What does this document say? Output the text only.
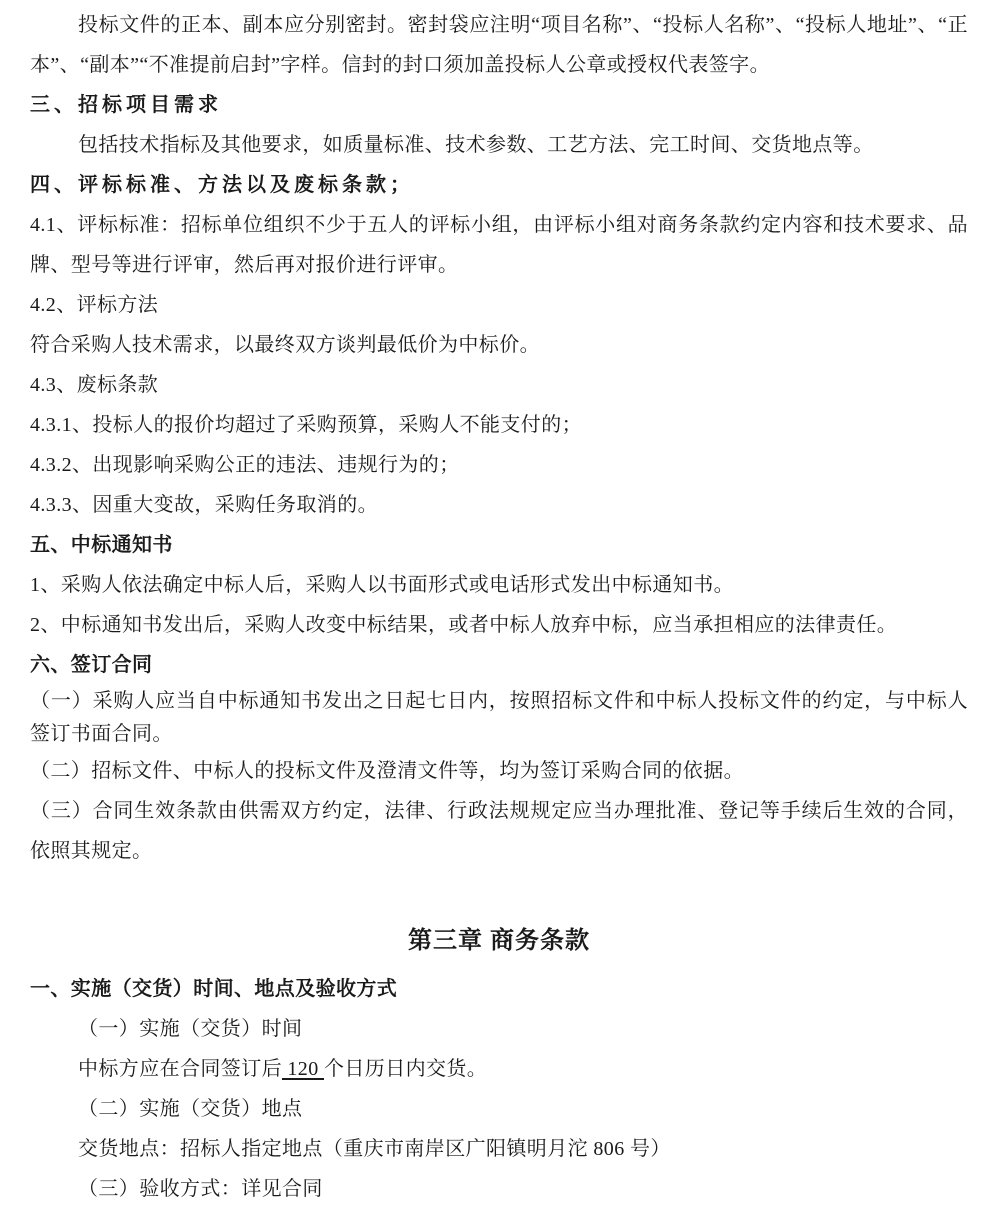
投标文件的正本、副本应分别密封。密封袋应注明“项目名称”、“投标人名称”、“投标人地址”、“正本”、“副本”“不准提前启封”字样。信封的封口须加盖投标人公章或授权代表签字。

三、招标项目需求

包括技术指标及其他要求，如质量标准、技术参数、工艺方法、完工时间、交货地点等。

四、评标标准、方法以及废标条款；

4.1、评标标准：招标单位组织不少于五人的评标小组，由评标小组对商务条款约定内容和技术要求、品牌、型号等进行评审，然后再对报价进行评审。

4.2、评标方法

符合采购人技术需求，以最终双方谈判最低价为中标价。

4.3、废标条款

4.3.1、投标人的报价均超过了采购预算，采购人不能支付的；

4.3.2、出现影响采购公正的违法、违规行为的；

4.3.3、因重大变故，采购任务取消的。

五、中标通知书

1、采购人依法确定中标人后，采购人以书面形式或电话形式发出中标通知书。

2、中标通知书发出后，采购人改变中标结果，或者中标人放弃中标，应当承担相应的法律责任。

六、签订合同

（一）采购人应当自中标通知书发出之日起七日内，按照招标文件和中标人投标文件的约定，与中标人签订书面合同。

（二）招标文件、中标人的投标文件及澄清文件等，均为签订采购合同的依据。

（三）合同生效条款由供需双方约定，法律、行政法规规定应当办理批准、登记等手续后生效的合同，依照其规定。

第三章 商务条款

一、实施（交货）时间、地点及验收方式

（一）实施（交货）时间

中标方应在合同签订后 120 个日历日内交货。

（二）实施（交货）地点

交货地点：招标人指定地点（重庆市南岸区广阳镇明月沱 806 号）

（三）验收方式：详见合同
